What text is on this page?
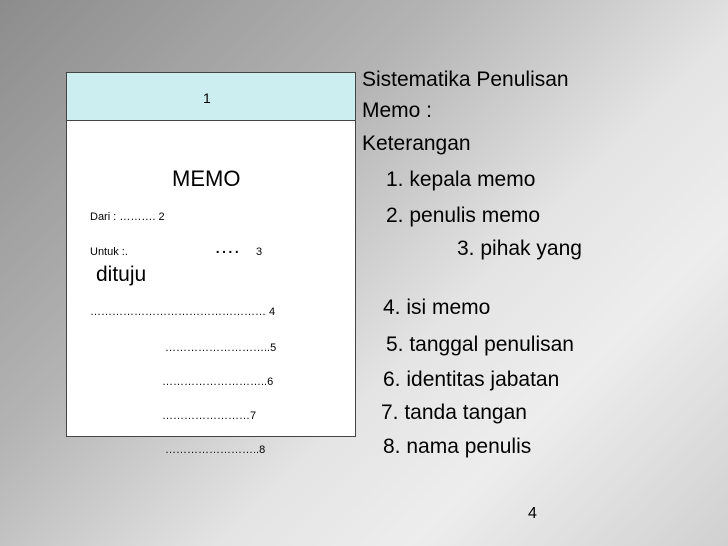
1
MEMO
Dari : ………. 2
Untuk :.	…. 3
dituju
………………………………………… 4
………………………..5
………………………..6
……………………7
……………………..8
Sistematika Penulisan
Memo :
Keterangan
1. kepala memo
2. penulis memo
3. pihak yang
4. isi memo
5. tanggal penulisan
6. identitas jabatan
7. tanda tangan
8. nama penulis
4
